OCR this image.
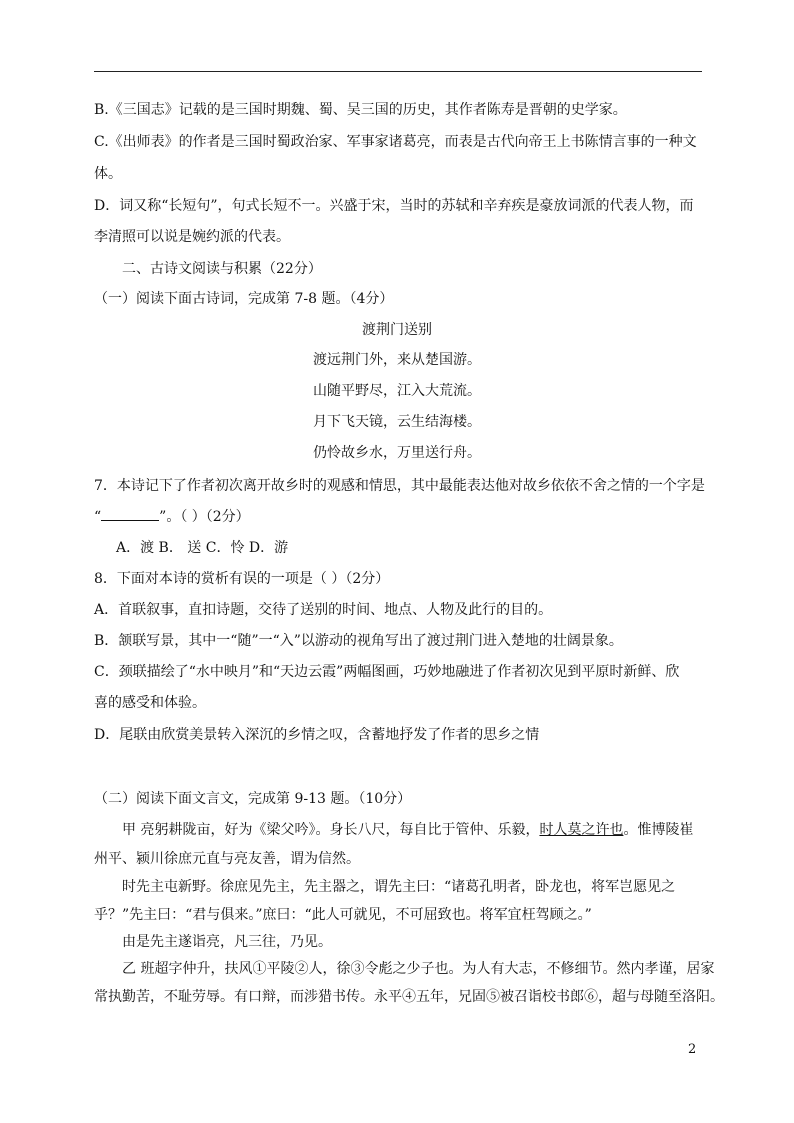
B.《三国志》记载的是三国时期魏、蜀、吴三国的历史，其作者陈寿是晋朝的史学家。
C.《出师表》的作者是三国时蜀政治家、军事家诸葛亮，而表是古代向帝王上书陈情言事的一种文
体。
D．词又称“长短句”，句式长短不一。兴盛于宋，当时的苏轼和辛弃疾是豪放词派的代表人物，而
李清照可以说是婉约派的代表。
二、古诗文阅读与积累（22分）
（一）阅读下面古诗词，完成第 7-8 题。（4分）
渡荆门送别
渡远荆门外，来从楚国游。
山随平野尽，江入大荒流。
月下飞天镜，云生结海楼。
仍怜故乡水，万里送行舟。
7．本诗记下了作者初次离开故乡时的观感和情思，其中最能表达他对故乡依依不舍之情的一个字是
“	”。（ ）（2分）
A．渡 B． 送 C．怜 D．游
8．下面对本诗的赏析有误的一项是（ ）（2分）
A．首联叙事，直扣诗题，交待了送别的时间、地点、人物及此行的目的。
B．颔联写景，其中一“随”一“入”以游动的视角写出了渡过荆门进入楚地的壮阔景象。
C．颈联描绘了“水中映月”和“天边云霞”两幅图画，巧妙地融进了作者初次见到平原时新鲜、欣
喜的感受和体验。
D．尾联由欣赏美景转入深沉的乡情之叹，含蓄地抒发了作者的思乡之情
（二）阅读下面文言文，完成第 9-13 题。（10分）
甲 亮躬耕陇亩，好为《梁父吟》。身长八尺，每自比于管仲、乐毅，时人莫之许也。惟博陵崔
州平、颍川徐庶元直与亮友善，谓为信然。
时先主屯新野。徐庶见先主，先主器之，谓先主曰：“诸葛孔明者，卧龙也，将军岂愿见之
乎？”先主曰：“君与俱来。”庶曰：“此人可就见，不可屈致也。将军宜枉驾顾之。”
由是先主遂诣亮，凡三往，乃见。
乙 班超字仲升，扶风①平陵②人，徐③令彪之少子也。为人有大志，不修细节。然内孝谨，居家
常执勤苦，不耻劳辱。有口辩，而涉猎书传。永平④五年，兄固⑤被召诣校书郎⑥，超与母随至洛阳。
2
